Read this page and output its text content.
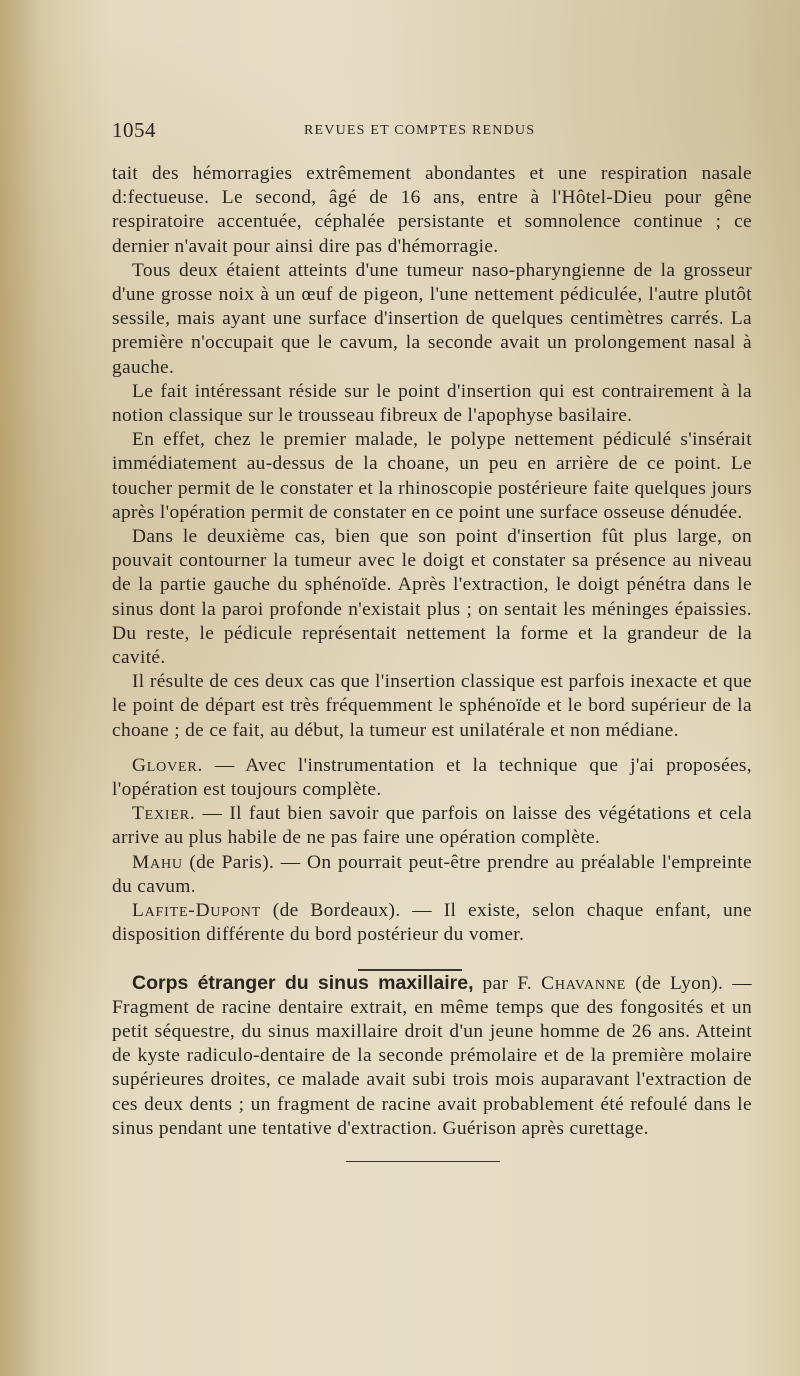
1054	REVUES ET COMPTES RENDUS

tait des hémorragies extrêmement abondantes et une respiration nasale d:fectueuse. Le second, âgé de 16 ans, entre à l'Hôtel-Dieu pour gêne respiratoire accentuée, céphalée persistante et somnolence continue ; ce dernier n'avait pour ainsi dire pas d'hémorragie.

Tous deux étaient atteints d'une tumeur naso-pharyngienne de la grosseur d'une grosse noix à un œuf de pigeon, l'une nettement pédiculée, l'autre plutôt sessile, mais ayant une surface d'insertion de quelques centimètres carrés. La première n'occupait que le cavum, la seconde avait un prolongement nasal à gauche.

Le fait intéressant réside sur le point d'insertion qui est contrairement à la notion classique sur le trousseau fibreux de l'apophyse basilaire.

En effet, chez le premier malade, le polype nettement pédiculé s'insérait immédiatement au-dessus de la choane, un peu en arrière de ce point. Le toucher permit de le constater et la rhinoscopie postérieure faite quelques jours après l'opération permit de constater en ce point une surface osseuse dénudée.

Dans le deuxième cas, bien que son point d'insertion fût plus large, on pouvait contourner la tumeur avec le doigt et constater sa présence au niveau de la partie gauche du sphénoïde. Après l'extraction, le doigt pénétra dans le sinus dont la paroi profonde n'existait plus ; on sentait les méninges épaissies. Du reste, le pédicule représentait nettement la forme et la grandeur de la cavité.

Il résulte de ces deux cas que l'insertion classique est parfois inexacte et que le point de départ est très fréquemment le sphénoïde et le bord supérieur de la choane ; de ce fait, au début, la tumeur est unilatérale et non médiane.

Glover. — Avec l'instrumentation et la technique que j'ai proposées, l'opération est toujours complète.

Texier. — Il faut bien savoir que parfois on laisse des végétations et cela arrive au plus habile de ne pas faire une opération complète.

Mahu (de Paris). — On pourrait peut-être prendre au préalable l'empreinte du cavum.

Lafite-Dupont (de Bordeaux). — Il existe, selon chaque enfant, une disposition différente du bord postérieur du vomer.

Corps étranger du sinus maxillaire, par F. Chavanne (de Lyon). — Fragment de racine dentaire extrait, en même temps que des fongosités et un petit séquestre, du sinus maxillaire droit d'un jeune homme de 26 ans. Atteint de kyste radiculo-dentaire de la seconde prémolaire et de la première molaire supérieures droites, ce malade avait subi trois mois auparavant l'extraction de ces deux dents ; un fragment de racine avait probablement été refoulé dans le sinus pendant une tentative d'extraction. Guérison après curettage.
